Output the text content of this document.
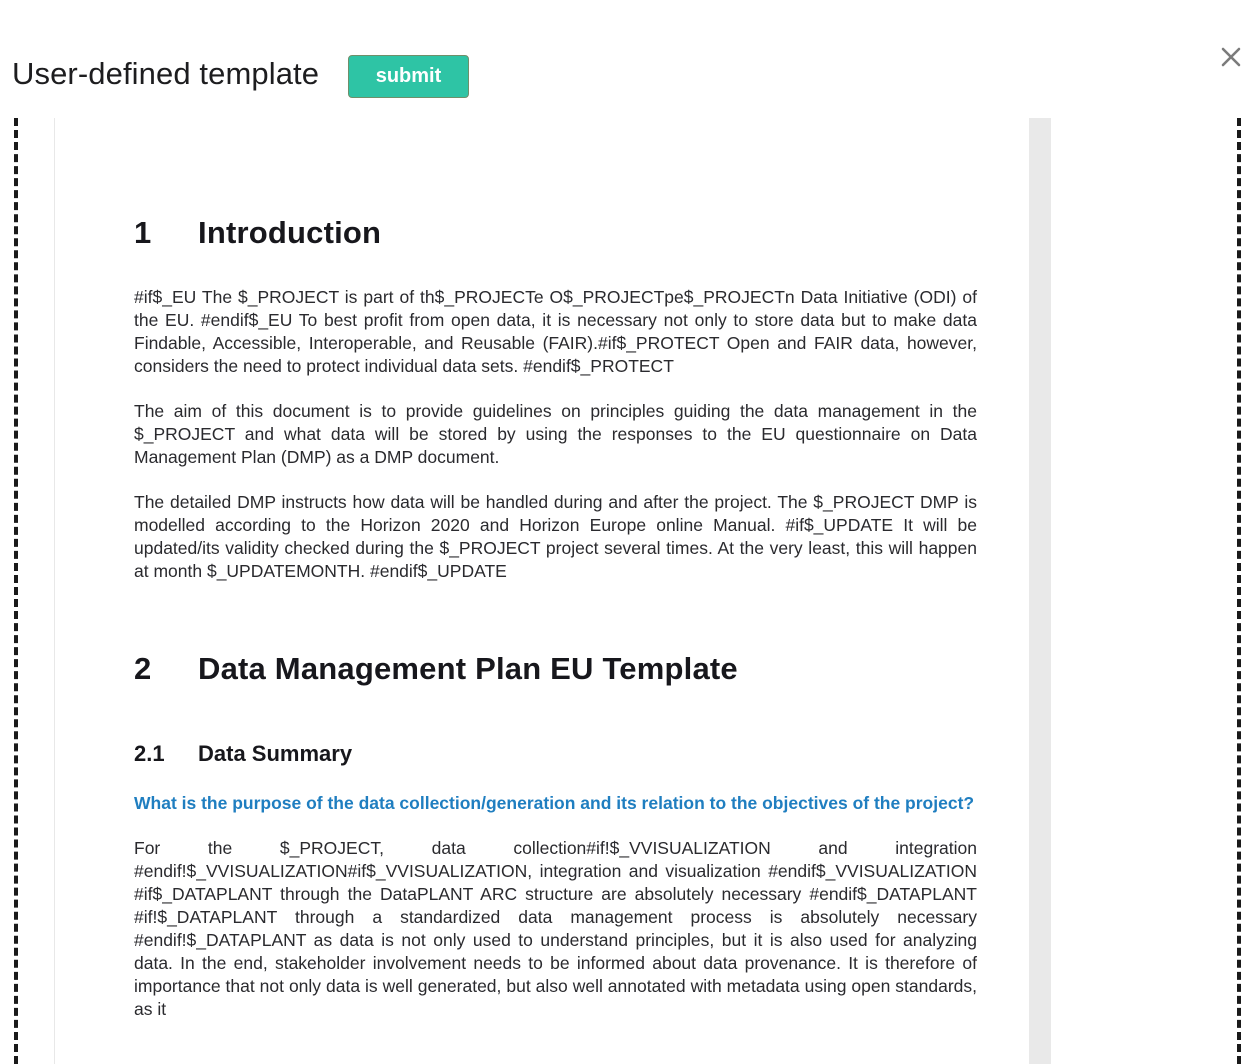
User-defined template	submit
1 Introduction

#if$_EU The $_PROJECT is part of th$_PROJECTe O$_PROJECTpe$_PROJECTn Data Initiative (ODI) of the EU. #endif$_EU To best profit from open data, it is necessary not only to store data but to make data Findable, Accessible, Interoperable, and Reusable (FAIR).#if$_PROTECT Open and FAIR data, however, considers the need to protect individual data sets. #endif$_PROTECT

The aim of this document is to provide guidelines on principles guiding the data management in the $_PROJECT and what data will be stored by using the responses to the EU questionnaire on Data Management Plan (DMP) as a DMP document.

The detailed DMP instructs how data will be handled during and after the project. The $_PROJECT DMP is modelled according to the Horizon 2020 and Horizon Europe online Manual. #if$_UPDATE It will be updated/its validity checked during the $_PROJECT project several times. At the very least, this will happen at month $_UPDATEMONTH. #endif$_UPDATE

2 Data Management Plan EU Template
2.1 Data Summary

What is the purpose of the data collection/generation and its relation to the objectives of the project?

For the $_PROJECT, data collection#if!$_VVISUALIZATION and integration #endif!$_VVISUALIZATION#if$_VVISUALIZATION, integration and visualization #endif$_VVISUALIZATION #if$_DATAPLANT through the DataPLANT ARC structure are absolutely necessary #endif$_DATAPLANT #if!$_DATAPLANT through a standardized data management process is absolutely necessary #endif!$_DATAPLANT as data is not only used to understand principles, but it is also used for analyzing data. In the end, stakeholder involvement needs to be informed about data provenance. It is therefore of importance that not only data is well generated, but also well annotated with metadata using open standards, as it
